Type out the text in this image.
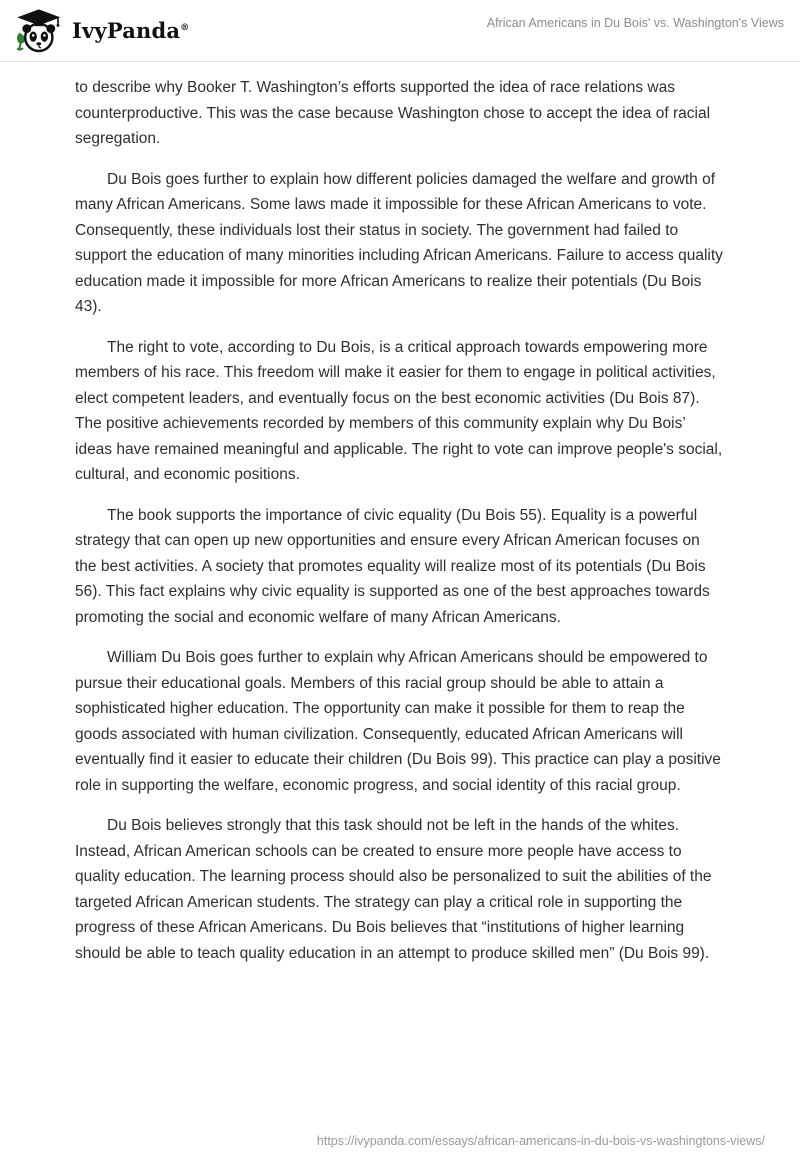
IvyPanda®	African Americans in Du Bois' vs. Washington's Views

to describe why Booker T. Washington’s efforts supported the idea of race relations was counterproductive. This was the case because Washington chose to accept the idea of racial segregation.

Du Bois goes further to explain how different policies damaged the welfare and growth of many African Americans. Some laws made it impossible for these African Americans to vote. Consequently, these individuals lost their status in society. The government had failed to support the education of many minorities including African Americans. Failure to access quality education made it impossible for more African Americans to realize their potentials (Du Bois 43).

The right to vote, according to Du Bois, is a critical approach towards empowering more members of his race. This freedom will make it easier for them to engage in political activities, elect competent leaders, and eventually focus on the best economic activities (Du Bois 87). The positive achievements recorded by members of this community explain why Du Bois’ ideas have remained meaningful and applicable. The right to vote can improve people's social, cultural, and economic positions.

The book supports the importance of civic equality (Du Bois 55). Equality is a powerful strategy that can open up new opportunities and ensure every African American focuses on the best activities. A society that promotes equality will realize most of its potentials (Du Bois 56). This fact explains why civic equality is supported as one of the best approaches towards promoting the social and economic welfare of many African Americans.

William Du Bois goes further to explain why African Americans should be empowered to pursue their educational goals. Members of this racial group should be able to attain a sophisticated higher education. The opportunity can make it possible for them to reap the goods associated with human civilization. Consequently, educated African Americans will eventually find it easier to educate their children (Du Bois 99). This practice can play a positive role in supporting the welfare, economic progress, and social identity of this racial group.

Du Bois believes strongly that this task should not be left in the hands of the whites. Instead, African American schools can be created to ensure more people have access to quality education. The learning process should also be personalized to suit the abilities of the targeted African American students. The strategy can play a critical role in supporting the progress of these African Americans. Du Bois believes that “institutions of higher learning should be able to teach quality education in an attempt to produce skilled men” (Du Bois 99).

https://ivypanda.com/essays/african-americans-in-du-bois-vs-washingtons-views/
